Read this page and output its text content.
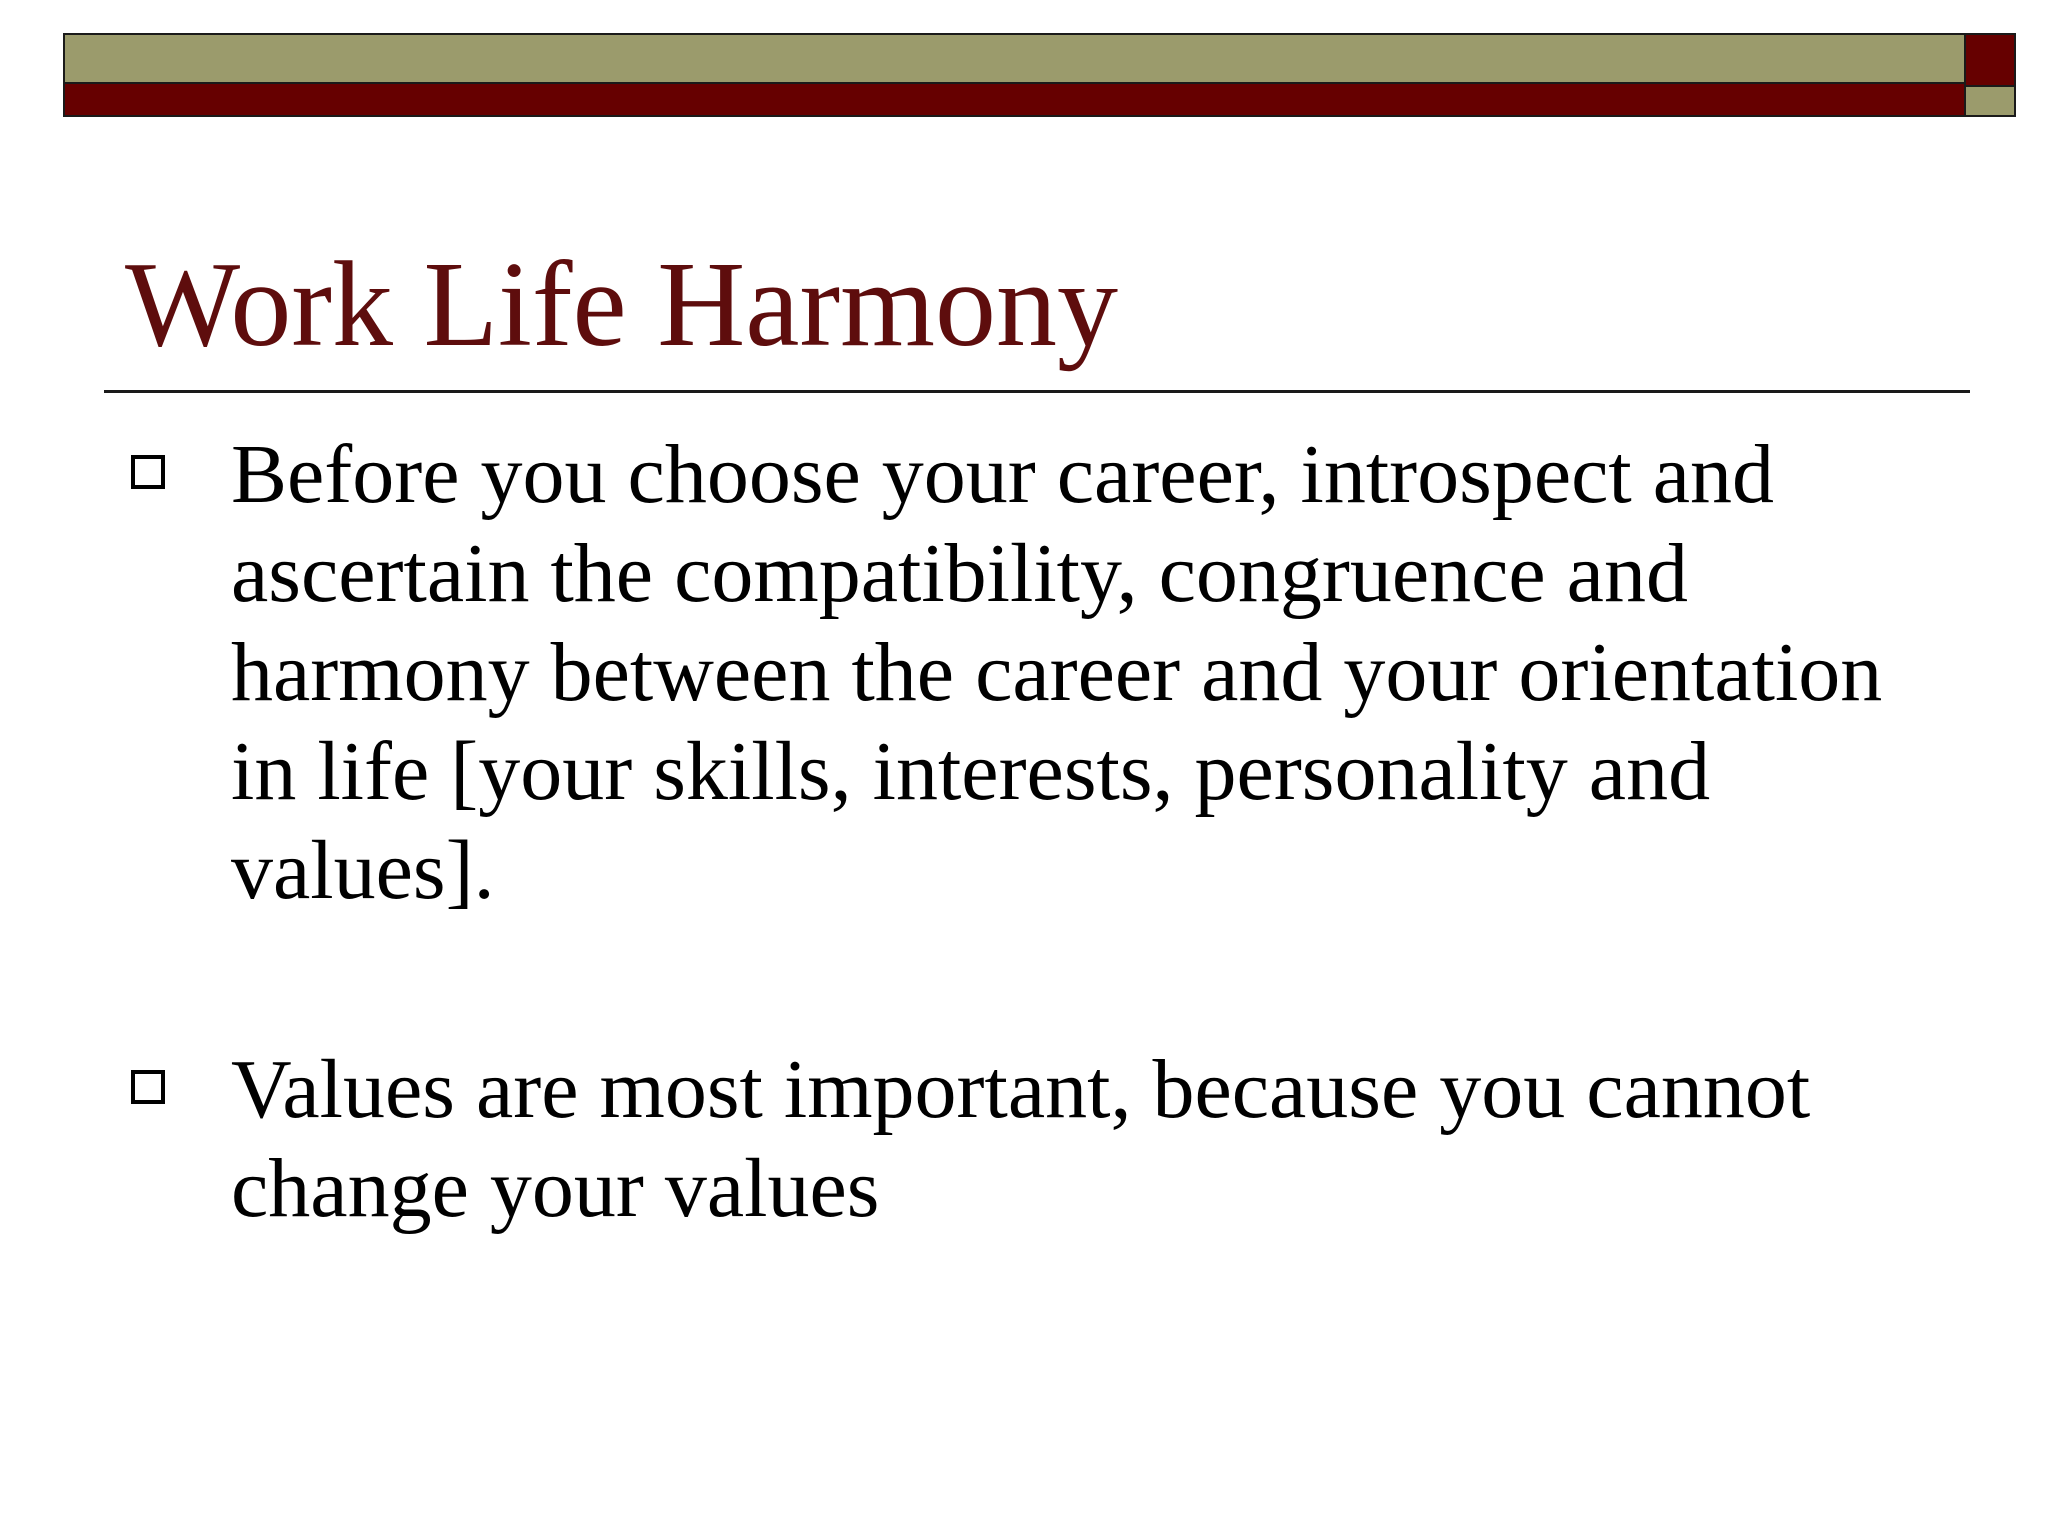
Work Life Harmony
Before you choose your career, introspect and ascertain the compatibility, congruence and harmony between the career and your orientation in life [your skills, interests, personality and values].
Values are most important, because you cannot change your values
